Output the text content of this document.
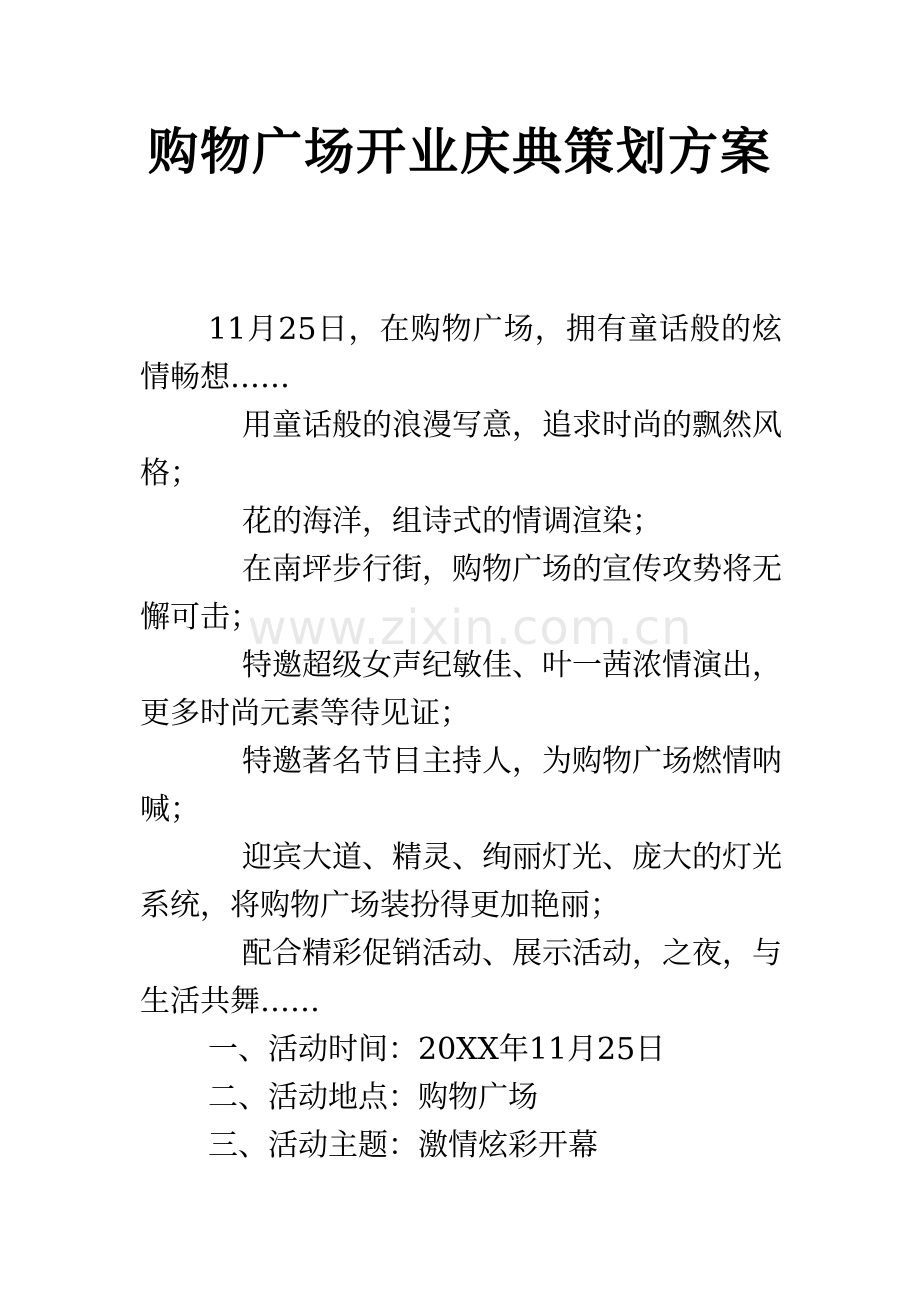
购物广场开业庆典策划方案

11月25日，在购物广场，拥有童话般的炫情畅想……

用童话般的浪漫写意，追求时尚的飘然风格；

花的海洋，组诗式的情调渲染；

在南坪步行街，购物广场的宣传攻势将无懈可击；

特邀超级女声纪敏佳、叶一茜浓情演出，更多时尚元素等待见证；

特邀著名节目主持人，为购物广场燃情呐喊；

迎宾大道、精灵、绚丽灯光、庞大的灯光系统，将购物广场装扮得更加艳丽；

配合精彩促销活动、展示活动，之夜，与生活共舞……

一、活动时间：20XX年11月25日

二、活动地点：购物广场

三、活动主题：激情炫彩开幕

www.zixin.com.cn
